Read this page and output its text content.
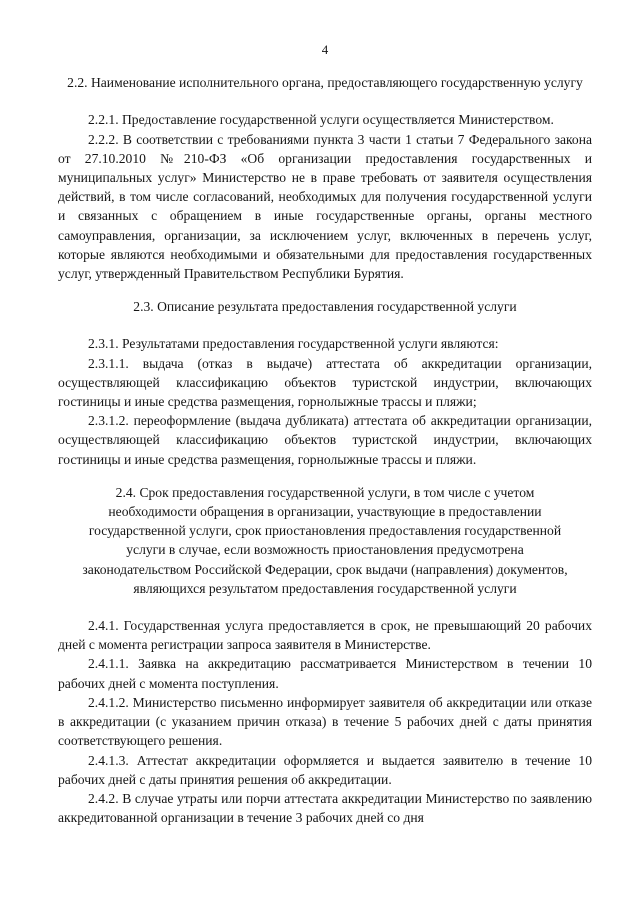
4
2.2. Наименование исполнительного органа, предоставляющего государственную услугу

2.2.1. Предоставление государственной услуги осуществляется Министерством.

2.2.2. В соответствии с требованиями пункта 3 части 1 статьи 7 Федерального закона от 27.10.2010 №210-ФЗ «Об организации предоставления государственных и муниципальных услуг» Министерство не в праве требовать от заявителя осуществления действий, в том числе согласований, необходимых для получения государственной услуги и связанных с обращением в иные государственные органы, органы местного самоуправления, организации, за исключением услуг, включенных в перечень услуг, которые являются необходимыми и обязательными для предоставления государственных услуг, утвержденный Правительством Республики Бурятия.

2.3. Описание результата предоставления государственной услуги

2.3.1. Результатами предоставления государственной услуги являются:

2.3.1.1. выдача (отказ в выдаче) аттестата об аккредитации организации, осуществляющей классификацию объектов туристской индустрии, включающих гостиницы и иные средства размещения, горнолыжные трассы и пляжи;

2.3.1.2. переоформление (выдача дубликата) аттестата об аккредитации организации, осуществляющей классификацию объектов туристской индустрии, включающих гостиницы и иные средства размещения, горнолыжные трассы и пляжи.

2.4. Срок предоставления государственной услуги, в том числе с учетом необходимости обращения в организации, участвующие в предоставлении государственной услуги, срок приостановления предоставления государственной услуги в случае, если возможность приостановления предусмотрена законодательством Российской Федерации, срок выдачи (направления) документов, являющихся результатом предоставления государственной услуги

2.4.1. Государственная услуга предоставляется в срок, не превышающий 20 рабочих дней с момента регистрации запроса заявителя в Министерстве.

2.4.1.1. Заявка на аккредитацию рассматривается Министерством в течении 10 рабочих дней с момента поступления.

2.4.1.2. Министерство письменно информирует заявителя об аккредитации или отказе в аккредитации (с указанием причин отказа) в течение 5 рабочих дней с даты принятия соответствующего решения.

2.4.1.3. Аттестат аккредитации оформляется и выдается заявителю в течение 10 рабочих дней с даты принятия решения об аккредитации.

2.4.2. В случае утраты или порчи аттестата аккредитации Министерство по заявлению аккредитованной организации в течение 3 рабочих дней со дня
